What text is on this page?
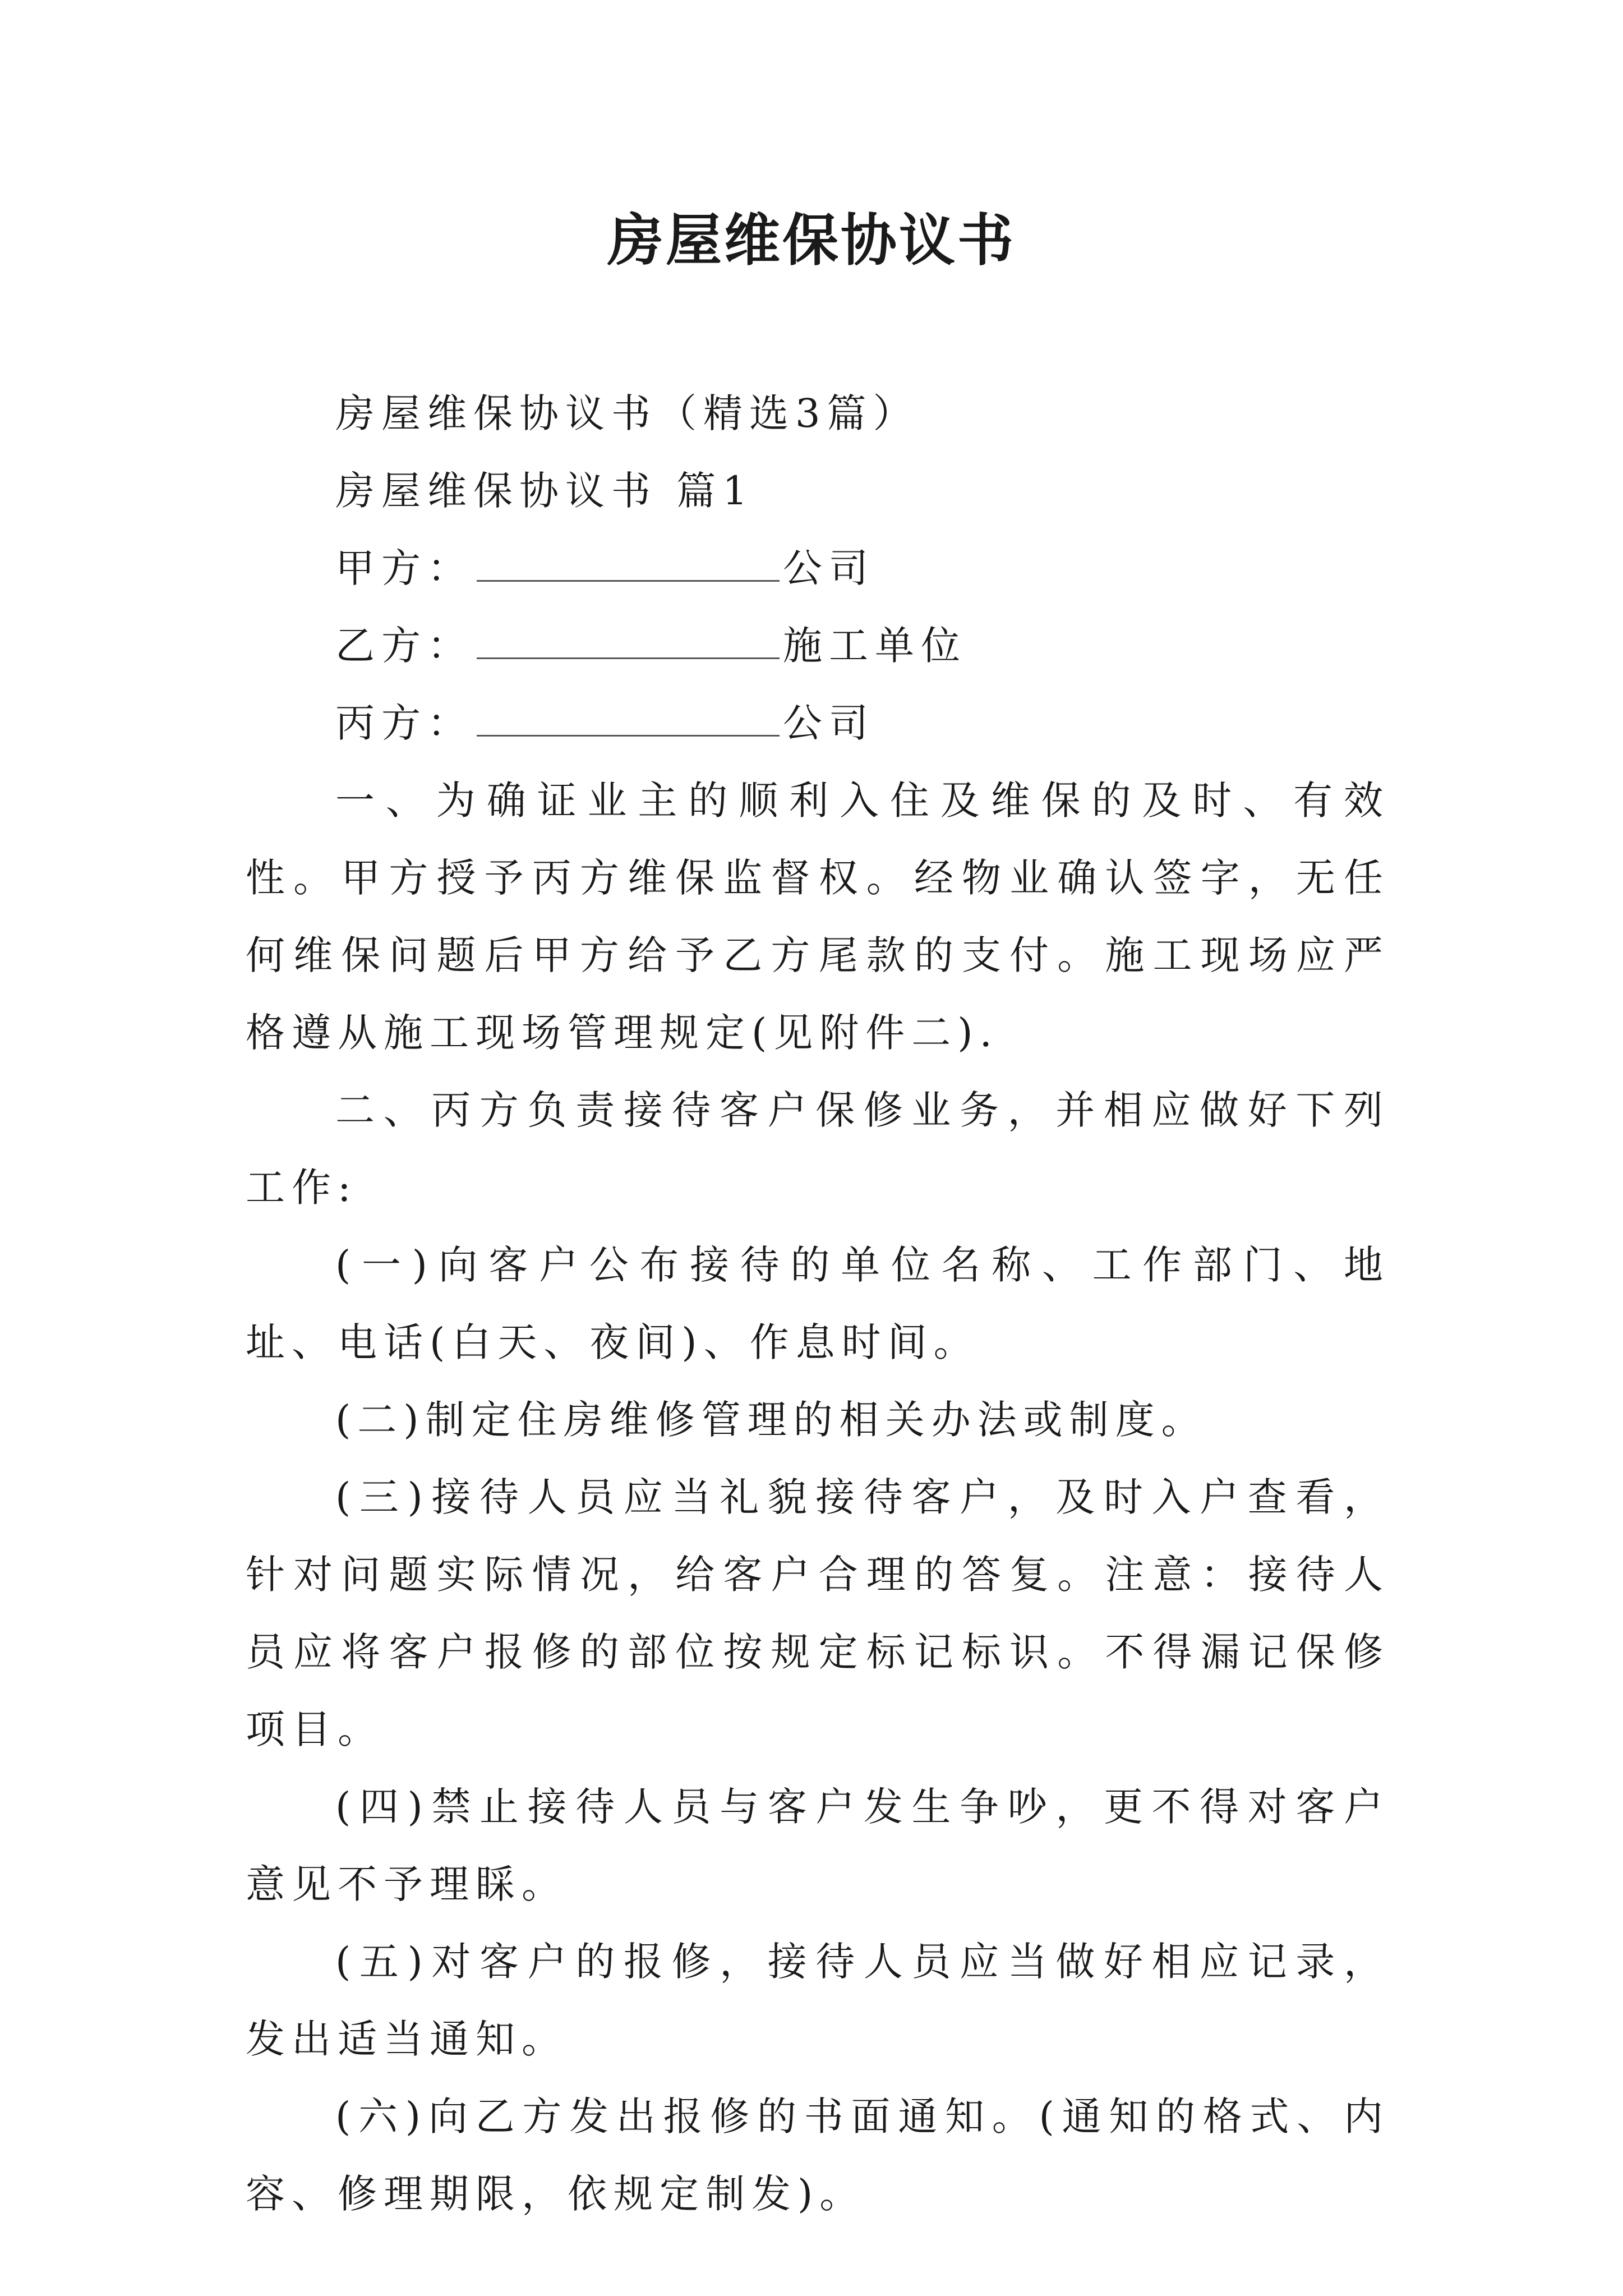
房屋维保协议书

房屋维保协议书（精选3篇）

房屋维保协议书 篇1

甲方：	公司

乙方：	施工单位

丙方：	公司

一、为确证业主的顺利入住及维保的及时、有效性。甲方授予丙方维保监督权。经物业确认签字，无任何维保问题后甲方给予乙方尾款的支付。施工现场应严格遵从施工现场管理规定(见附件二).

二、丙方负责接待客户保修业务，并相应做好下列工作:

(一)向客户公布接待的单位名称、工作部门、地址、电话(白天、夜间)、作息时间。

(二)制定住房维修管理的相关办法或制度。

(三)接待人员应当礼貌接待客户，及时入户查看，针对问题实际情况，给客户合理的答复。注意：接待人员应将客户报修的部位按规定标记标识。不得漏记保修项目。

(四)禁止接待人员与客户发生争吵，更不得对客户意见不予理睬。

(五)对客户的报修，接待人员应当做好相应记录，发出适当通知。

(六)向乙方发出报修的书面通知。(通知的格式、内容、修理期限，依规定制发)。
